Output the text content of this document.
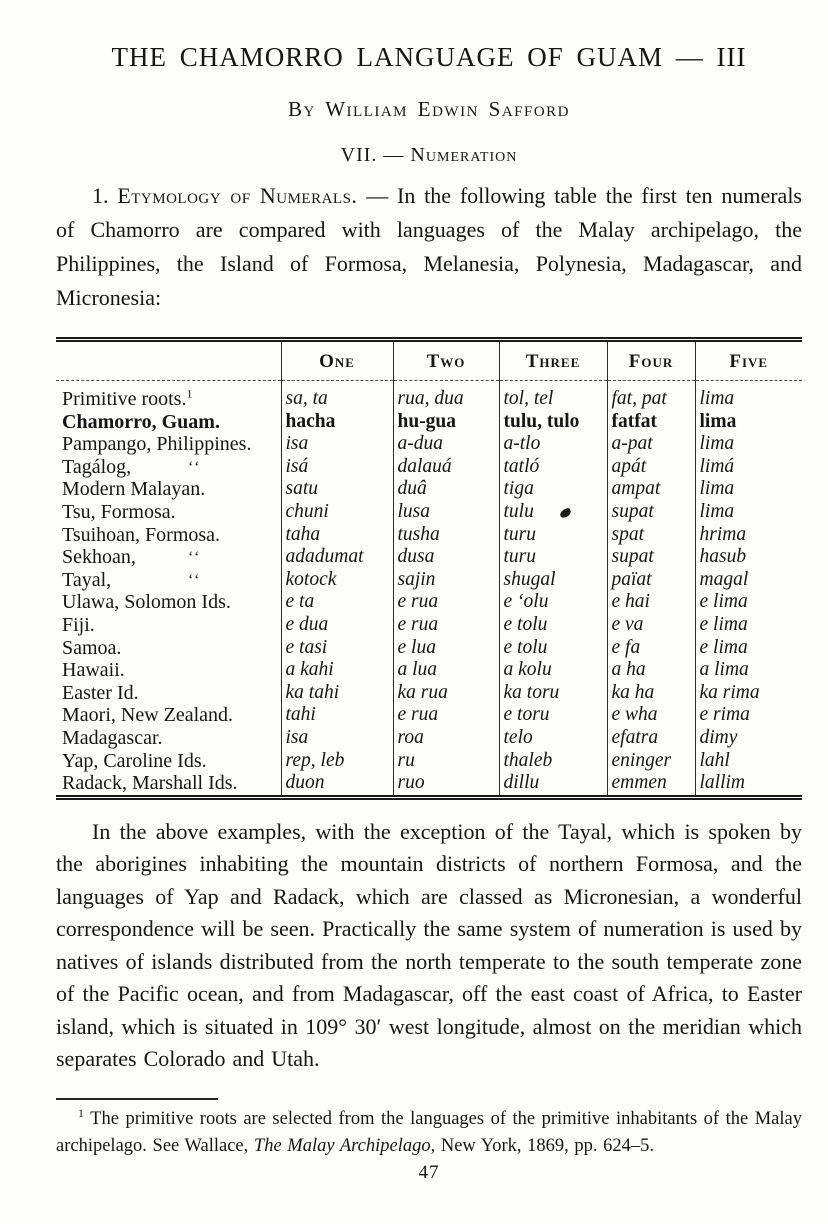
THE CHAMORRO LANGUAGE OF GUAM — III
By William Edwin Safford
VII. — Numeration

1. Etymology of Numerals. — In the following table the first ten numerals of Chamorro are compared with languages of the Malay archipelago, the Philippines, the Island of Formosa, Melanesia, Polynesia, Madagascar, and Micronesia:

	One	Two	Three	Four	Five
Primitive roots.$^1$	sa, ta	rua, dua	tol, tel	fat, pat	lima
Chamorro, Guam.	hacha	hu-gua	tulu, tulo	fatfat	lima
Pampango, Philippines.	isa	a-dua	a-tlo	a-pat	lima
Tagálog, ‘‘	isá	dalauá	tatló	apát	limá
Modern Malayan.	satu	duâ	tiga	ampat	lima
Tsu, Formosa.	chuni	lusa	tulu	supat	lima
Tsuihoan, Formosa.	taha	tusha	turu	spat	hrima
Sekhoan, ‘‘	adadumat	dusa	turu	supat	hasub
Tayal, ‘‘	kotock	sajin	shugal	païat	magal
Ulawa, Solomon Ids.	e ta	e rua	e ‘olu	e hai	e lima
Fiji.	e dua	e rua	e tolu	e va	e lima
Samoa.	e tasi	e lua	e tolu	e fa	e lima
Hawaii.	a kahi	a lua	a kolu	a ha	a lima
Easter Id.	ka tahi	ka rua	ka toru	ka ha	ka rima
Maori, New Zealand.	tahi	e rua	e toru	e wha	e rima
Madagascar.	isa	roa	telo	efatra	dimy
Yap, Caroline Ids.	rep, leb	ru	thaleb	eninger	lahl
Radack, Marshall Ids.	duon	ruo	dillu	emmen	lallim

In the above examples, with the exception of the Tayal, which is spoken by the aborigines inhabiting the mountain districts of northern Formosa, and the languages of Yap and Radack, which are classed as Micronesian, a wonderful correspondence will be seen. Practically the same system of numeration is used by natives of islands distributed from the north temperate to the south temperate zone of the Pacific ocean, and from Madagascar, off the east coast of Africa, to Easter island, which is situated in 109° 30′ west longitude, almost on the meridian which separates Colorado and Utah.

$^1$ The primitive roots are selected from the languages of the primitive inhabitants of the Malay archipelago. See Wallace, The Malay Archipelago, New York, 1869, pp. 624–5.

47
